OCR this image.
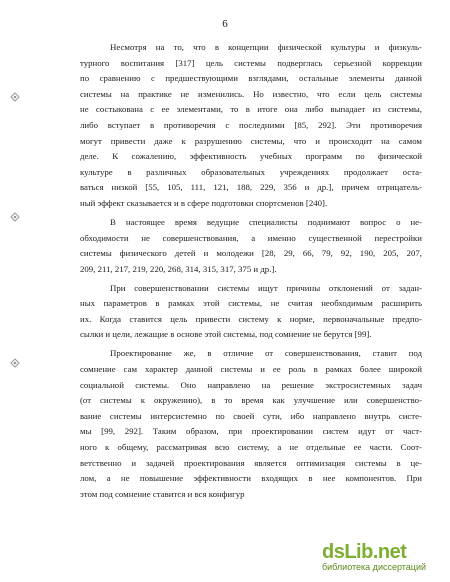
6
Несмотря на то, что в концепции физической культуры и физкуль-
турного воспитания [317] цель системы подверглась серьезной коррекции
по сравнению с предшествующими взглядами, остальные элементы данной
системы на практике не изменились. Но известно, что если цель системы
не состыкована с ее элементами, то в итоге она либо выпадает из системы,
либо вступает в противоречия с последними [85, 292]. Эти противоречия
могут привести даже к разрушению системы, что и происходит на самом
деле. К сожалению, эффективность учебных программ по физической
культуре в различных образовательных учреждениях продолжает оста-
ваться низкой [55, 105, 111, 121, 188, 229, 356 и др.], причем отрицатель-
ный эффект сказывается и в сфере подготовки спортсменов [240].
В настоящее время ведущие специалисты поднимают вопрос о не-
обходимости не совершенствования, а именно существенной перестройки
системы физического детей и молодежи [28, 29, 66, 79, 92, 190, 205, 207,
209, 211, 217, 219, 220, 268, 314, 315, 317, 375 и др.].
При совершенствовании системы ищут причины отклонений от задан-
ных параметров в рамках этой системы, не считая необходимым расширить
их. Когда ставится цель привести систему к норме, первоначальные предпо-
сылки и цели, лежащие в основе этой системы, под сомнение не берутся [99].
Проектирование же, в отличие от совершенствования, ставит под
сомнение сам характер данной системы и ее роль в рамках более широкой
социальной системы. Оно направлено на решение экстросистемных задач
(от системы к окружению), в то время как улучшение или совершенство-
вание системы интерсистемно по своей сути, ибо направлено внутрь систе-
мы [99, 292]. Таким образом, при проектировании систем идут от част-
ного к общему, рассматривая всю систему, а не отдельные ее части. Соот-
ветственно и задачей проектирования является оптимизация системы в це-
лом, а не повышение эффективности входящих в нее компонентов. При
этом под сомнение ставится и вся конфигур
dsLib.net
библиотека диссертаций
